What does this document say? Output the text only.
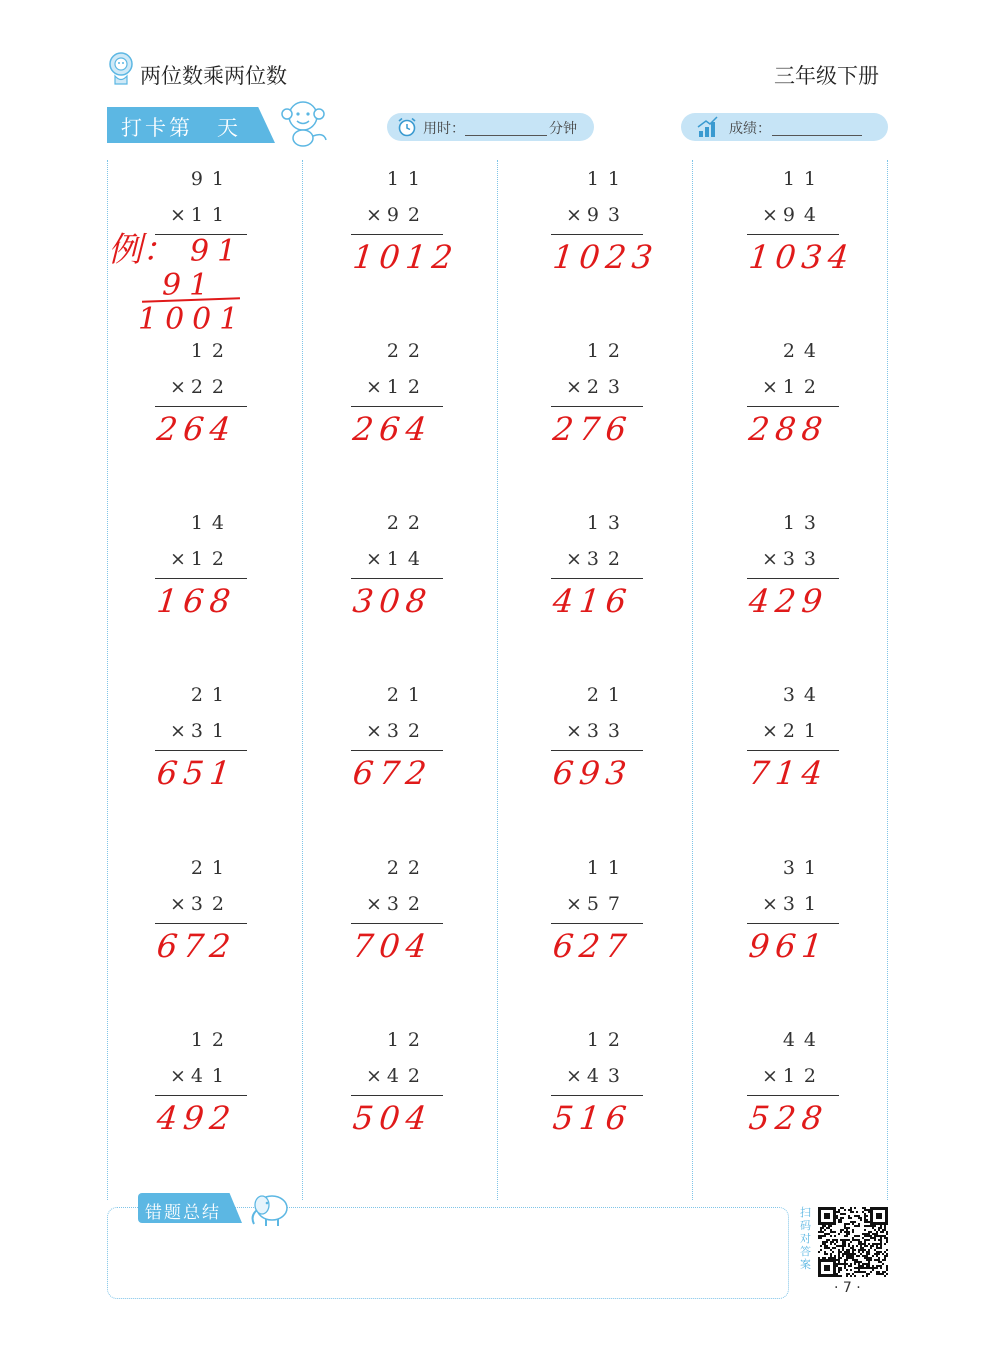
两位数乘两位数	三年级下册
打卡第　天	用时：	分钟	成绩：
91
× 11
11
× 92
1012
11
× 93
1023
11
× 94
1034
12
× 22
264
22
× 12
264
12
× 23
276
24
× 12
288
14
× 12
168
22
× 14
308
13
× 32
416
13
× 33
429
21
× 31
651
21
× 32
672
21
× 33
693
34
× 21
714
21
× 32
672
22
× 32
704
11
× 57
627
31
× 31
961
12
× 41
492
12
× 42
504
12
× 43
516
44
× 12
528
例： 91
91
1001
错题总结	扫码对答案
· 7 ·
